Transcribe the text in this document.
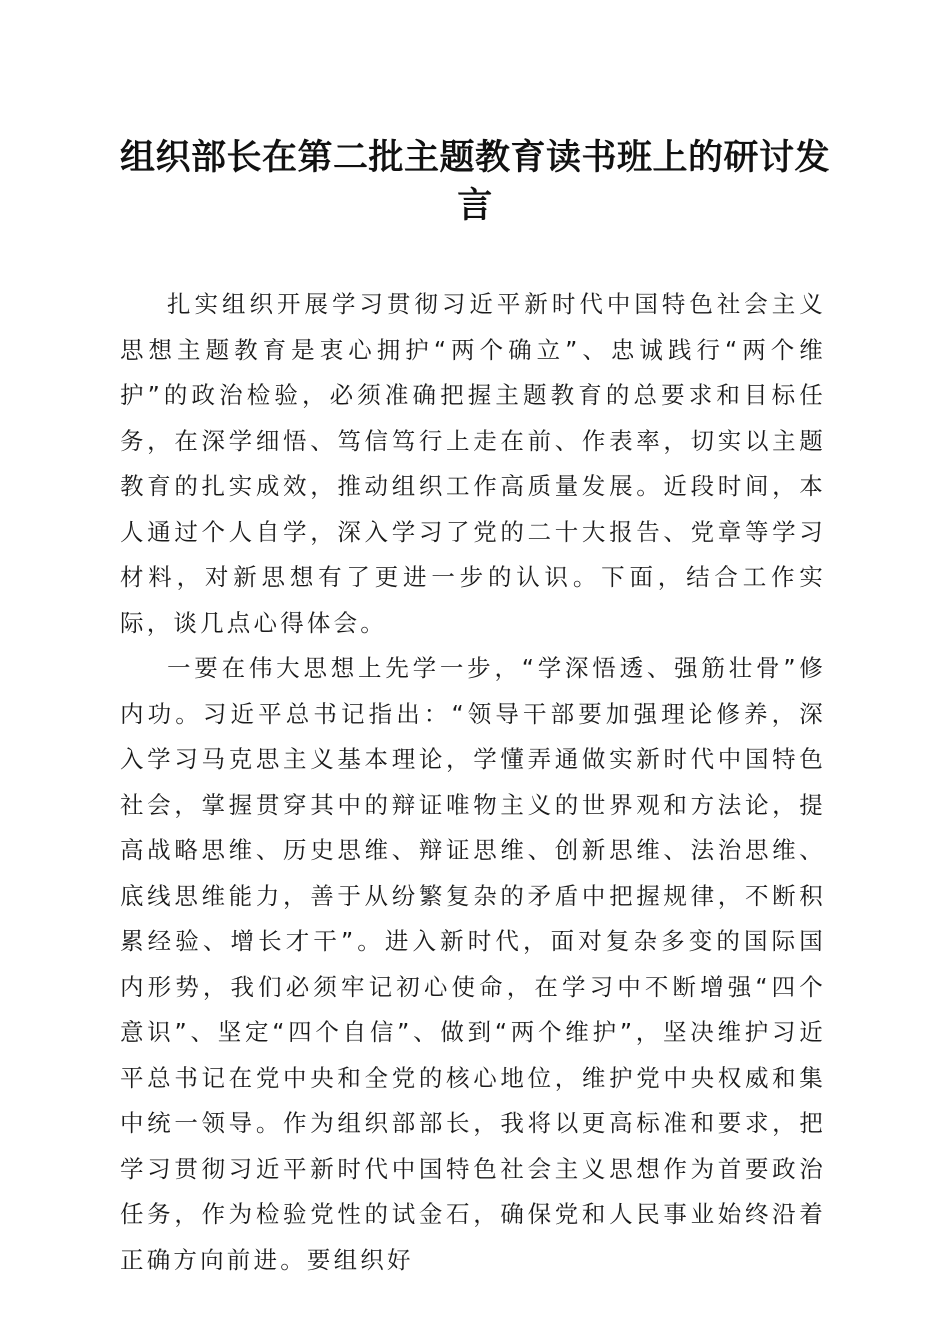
组织部长在第二批主题教育读书班上的研讨发言

扎实组织开展学习贯彻习近平新时代中国特色社会主义思想主题教育是衷心拥护“两个确立”、忠诚践行“两个维护”的政治检验，必须准确把握主题教育的总要求和目标任务，在深学细悟、笃信笃行上走在前、作表率，切实以主题教育的扎实成效，推动组织工作高质量发展。近段时间，本人通过个人自学，深入学习了党的二十大报告、党章等学习材料，对新思想有了更进一步的认识。下面，结合工作实际，谈几点心得体会。

一要在伟大思想上先学一步，“学深悟透、强筋壮骨”修内功。习近平总书记指出：“领导干部要加强理论修养，深入学习马克思主义基本理论，学懂弄通做实新时代中国特色社会，掌握贯穿其中的辩证唯物主义的世界观和方法论，提高战略思维、历史思维、辩证思维、创新思维、法治思维、底线思维能力，善于从纷繁复杂的矛盾中把握规律，不断积累经验、增长才干”。进入新时代，面对复杂多变的国际国内形势，我们必须牢记初心使命，在学习中不断增强“四个意识”、坚定“四个自信”、做到“两个维护”，坚决维护习近平总书记在党中央和全党的核心地位，维护党中央权威和集中统一领导。作为组织部部长，我将以更高标准和要求，把学习贯彻习近平新时代中国特色社会主义思想作为首要政治任务，作为检验党性的试金石，确保党和人民事业始终沿着正确方向前进。要组织好
